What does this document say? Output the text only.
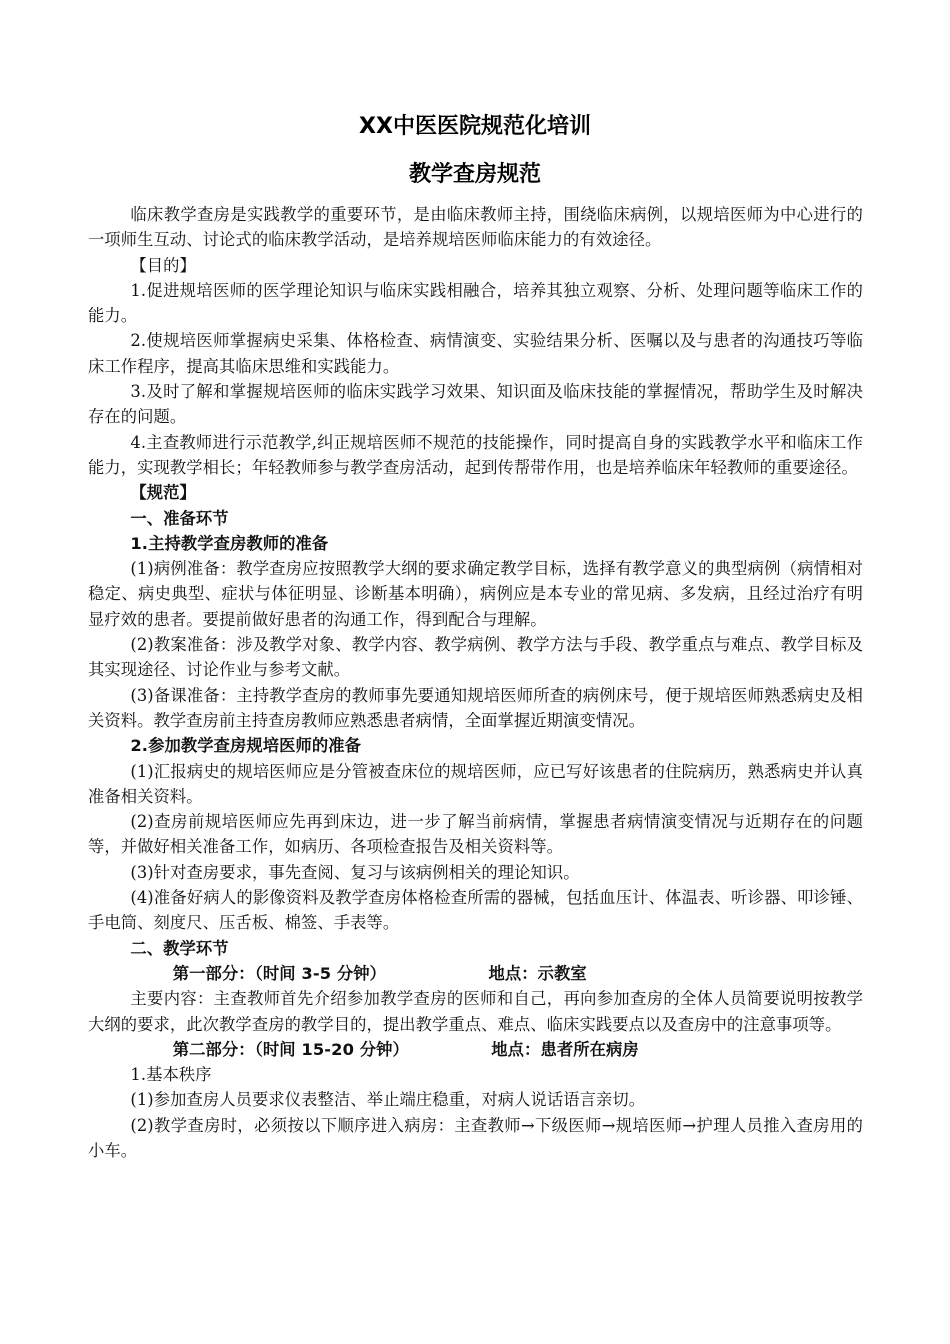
XX中医医院规范化培训
教学查房规范

临床教学查房是实践教学的重要环节，是由临床教师主持，围绕临床病例，以规培医师为中心进行的一项师生互动、讨论式的临床教学活动，是培养规培医师临床能力的有效途径。

【目的】

1.促进规培医师的医学理论知识与临床实践相融合，培养其独立观察、分析、处理问题等临床工作的能力。

2.使规培医师掌握病史采集、体格检查、病情演变、实验结果分析、医嘱以及与患者的沟通技巧等临床工作程序，提高其临床思维和实践能力。

3.及时了解和掌握规培医师的临床实践学习效果、知识面及临床技能的掌握情况，帮助学生及时解决存在的问题。

4.主查教师进行示范教学,纠正规培医师不规范的技能操作，同时提高自身的实践教学水平和临床工作能力，实现教学相长；年轻教师参与教学查房活动，起到传帮带作用，也是培养临床年轻教师的重要途径。

【规范】

一、准备环节

1.主持教学查房教师的准备

(1)病例准备：教学查房应按照教学大纲的要求确定教学目标，选择有教学意义的典型病例（病情相对稳定、病史典型、症状与体征明显、诊断基本明确），病例应是本专业的常见病、多发病，且经过治疗有明显疗效的患者。要提前做好患者的沟通工作，得到配合与理解。

(2)教案准备：涉及教学对象、教学内容、教学病例、教学方法与手段、教学重点与难点、教学目标及其实现途径、讨论作业与参考文献。

(3)备课准备：主持教学查房的教师事先要通知规培医师所查的病例床号，便于规培医师熟悉病史及相关资料。教学查房前主持查房教师应熟悉患者病情，全面掌握近期演变情况。

2.参加教学查房规培医师的准备

(1)汇报病史的规培医师应是分管被查床位的规培医师，应已写好该患者的住院病历，熟悉病史并认真准备相关资料。

(2)查房前规培医师应先再到床边，进一步了解当前病情，掌握患者病情演变情况与近期存在的问题等，并做好相关准备工作，如病历、各项检查报告及相关资料等。

(3)针对查房要求，事先查阅、复习与该病例相关的理论知识。

(4)准备好病人的影像资料及教学查房体格检查所需的器械，包括血压计、体温表、听诊器、叩诊锤、手电筒、刻度尺、压舌板、棉签、手表等。

二、教学环节

第一部分：（时间 3-5 分钟）	地点：示教室

主要内容：主查教师首先介绍参加教学查房的医师和自己，再向参加查房的全体人员简要说明按教学大纲的要求，此次教学查房的教学目的，提出教学重点、难点、临床实践要点以及查房中的注意事项等。

第二部分：（时间 15-20 分钟）	地点：患者所在病房

1.基本秩序

(1)参加查房人员要求仪表整洁、举止端庄稳重，对病人说话语言亲切。

(2)教学查房时，必须按以下顺序进入病房：主查教师→下级医师→规培医师→护理人员推入查房用的小车。
